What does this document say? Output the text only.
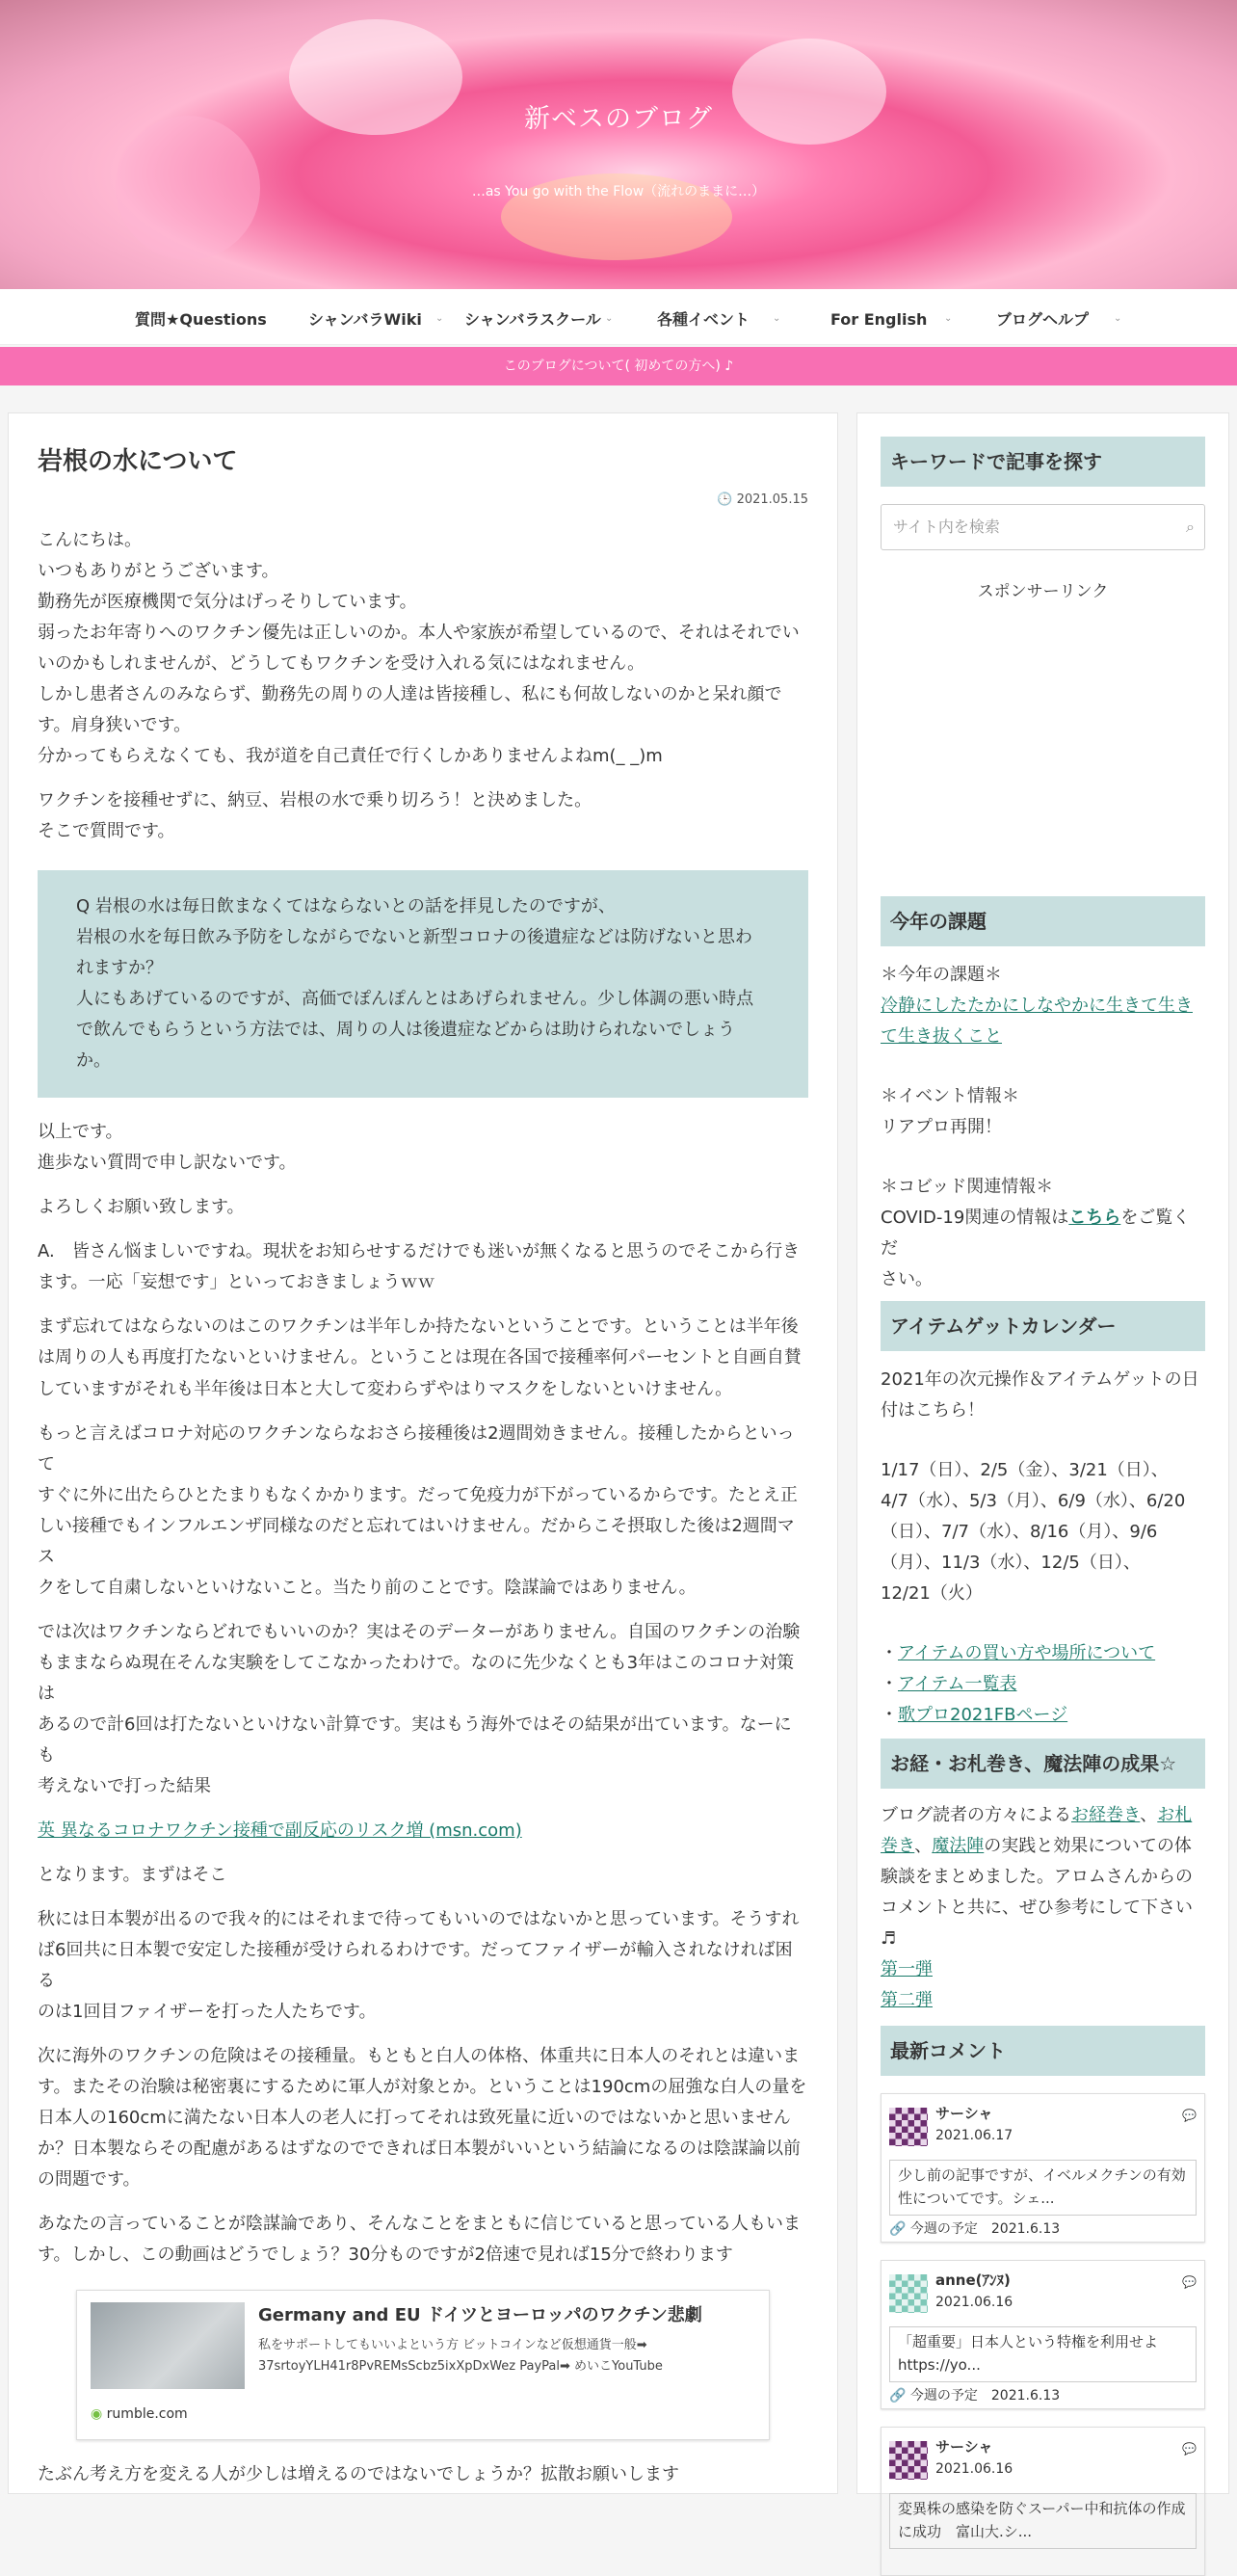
新ベスのブログ
…as You go with the Flow（流れのままに…）
質問★Questions	シャンバラWiki ⌄ シャンバラスクール ⌄	各種イベント ⌄	For English ⌄	ブログヘルプ	⌄
このブログについて( 初めての方へ) ♪
岩根の水について
🕒 2021.05.15
こんにちは。
いつもありがとうございます。
勤務先が医療機関で気分はげっそりしています。
弱ったお年寄りへのワクチン優先は正しいのか。本人や家族が希望しているので、それはそれでい
いのかもしれませんが、どうしてもワクチンを受け入れる気にはなれません。
しかし患者さんのみならず、勤務先の周りの人達は皆接種し、私にも何故しないのかと呆れ顔で
す。肩身狭いです。
分かってもらえなくても、我が道を自己責任で行くしかありませんよねm(_ _)m
ワクチンを接種せずに、納豆、岩根の水で乗り切ろう！と決めました。
そこで質問です。
Q 岩根の水は毎日飲まなくてはならないとの話を拝見したのですが、
岩根の水を毎日飲み予防をしながらでないと新型コロナの後遺症などは防げないと思わ
れますか？
人にもあげているのですが、高価でぽんぽんとはあげられません。少し体調の悪い時点
で飲んでもらうという方法では、周りの人は後遺症などからは助けられないでしょう
か。
以上です。
進歩ない質問で申し訳ないです。
よろしくお願い致します。
A.　皆さん悩ましいですね。現状をお知らせするだけでも迷いが無くなると思うのでそこから行き
ます。一応「妄想です」といっておきましょうｗｗ
まず忘れてはならないのはこのワクチンは半年しか持たないということです。ということは半年後
は周りの人も再度打たないといけません。ということは現在各国で接種率何パーセントと自画自賛
していますがそれも半年後は日本と大して変わらずやはりマスクをしないといけません。
もっと言えばコロナ対応のワクチンならなおさら接種後は2週間効きません。接種したからといって
すぐに外に出たらひとたまりもなくかかります。だって免疫力が下がっているからです。たとえ正
しい接種でもインフルエンザ同様なのだと忘れてはいけません。だからこそ摂取した後は2週間マス
クをして自粛しないといけないこと。当たり前のことです。陰謀論ではありません。
では次はワクチンならどれでもいいのか？実はそのデーターがありません。自国のワクチンの治験
もままならぬ現在そんな実験をしてこなかったわけで。なのに先少なくとも3年はこのコロナ対策は
あるので計6回は打たないといけない計算です。実はもう海外ではその結果が出ています。なーにも
考えないで打った結果
英 異なるコロナワクチン接種で副反応のリスク増 (msn.com)
となります。まずはそこ
秋には日本製が出るので我々的にはそれまで待ってもいいのではないかと思っています。そうすれ
ば6回共に日本製で安定した接種が受けられるわけです。だってファイザーが輸入されなければ困る
のは1回目ファイザーを打った人たちです。
次に海外のワクチンの危険はその接種量。もともと白人の体格、体重共に日本人のそれとは違いま
す。またその治験は秘密裏にするために軍人が対象とか。ということは190cmの屈強な白人の量を
日本人の160cmに満たない日本人の老人に打ってそれは致死量に近いのではないかと思いません
か？日本製ならその配慮があるはずなのでできれば日本製がいいという結論になるのは陰謀論以前
の問題です。
あなたの言っていることが陰謀論であり、そんなことをまともに信じていると思っている人もいま
す。しかし、この動画はどうでしょう？30分ものですが2倍速で見れば15分で終わります
Germany and EU ドイツとヨーロッパのワクチン悲劇
私をサポートしてもいいよという方 ビットコインなど仮想通貨一般➡
37srtoyYLH41r8PvREMsScbz5ixXpDxWez PayPal➡ めいこYouTube
◉ rumble.com
たぶん考え方を変える人が少しは増えるのではないでしょうか？拡散お願いします
キーワードで記事を探す
サイト内を検索	⌕
スポンサーリンク
今年の課題
＊今年の課題＊
冷静にしたたかにしなやかに生きて生きて生き抜くこと
＊イベント情報＊
リアプロ再開！
＊コビッド関連情報＊
COVID-19関連の情報はこちらをご覧くだ
さい。
アイテムゲットカレンダー
2021年の次元操作＆アイテムゲットの日
付はこちら！
1/17（日）、2/5（金）、3/21（日）、
4/7（水）、5/3（月）、6/9（水）、6/20
（日）、7/7（水）、8/16（月）、9/6
（月）、11/3（水）、12/5（日）、
12/21（火）
・アイテムの買い方や場所について
・アイテム一覧表
・歌プロ2021FBページ
お経・お札巻き、魔法陣の成果☆
ブログ読者の方々によるお経巻き、お札
巻き、魔法陣の実践と効果についての体
験談をまとめました。アロムさんからの
コメントと共に、ぜひ参考にして下さい
♬
第一弾
第二弾
最新コメント
サーシャ
2021.06.17
💬
少し前の記事ですが、イベルメクチンの有効性についてです。シェ...
🔗 今週の予定　2021.6.13
anne(ｱﾝﾇ)
2021.06.16
💬
「超重要」日本人という特権を利用せよ https://yo...
🔗 今週の予定　2021.6.13
サーシャ
2021.06.16
💬
変異株の感染を防ぐスーパー中和抗体の作成に成功　富山大.シ...
